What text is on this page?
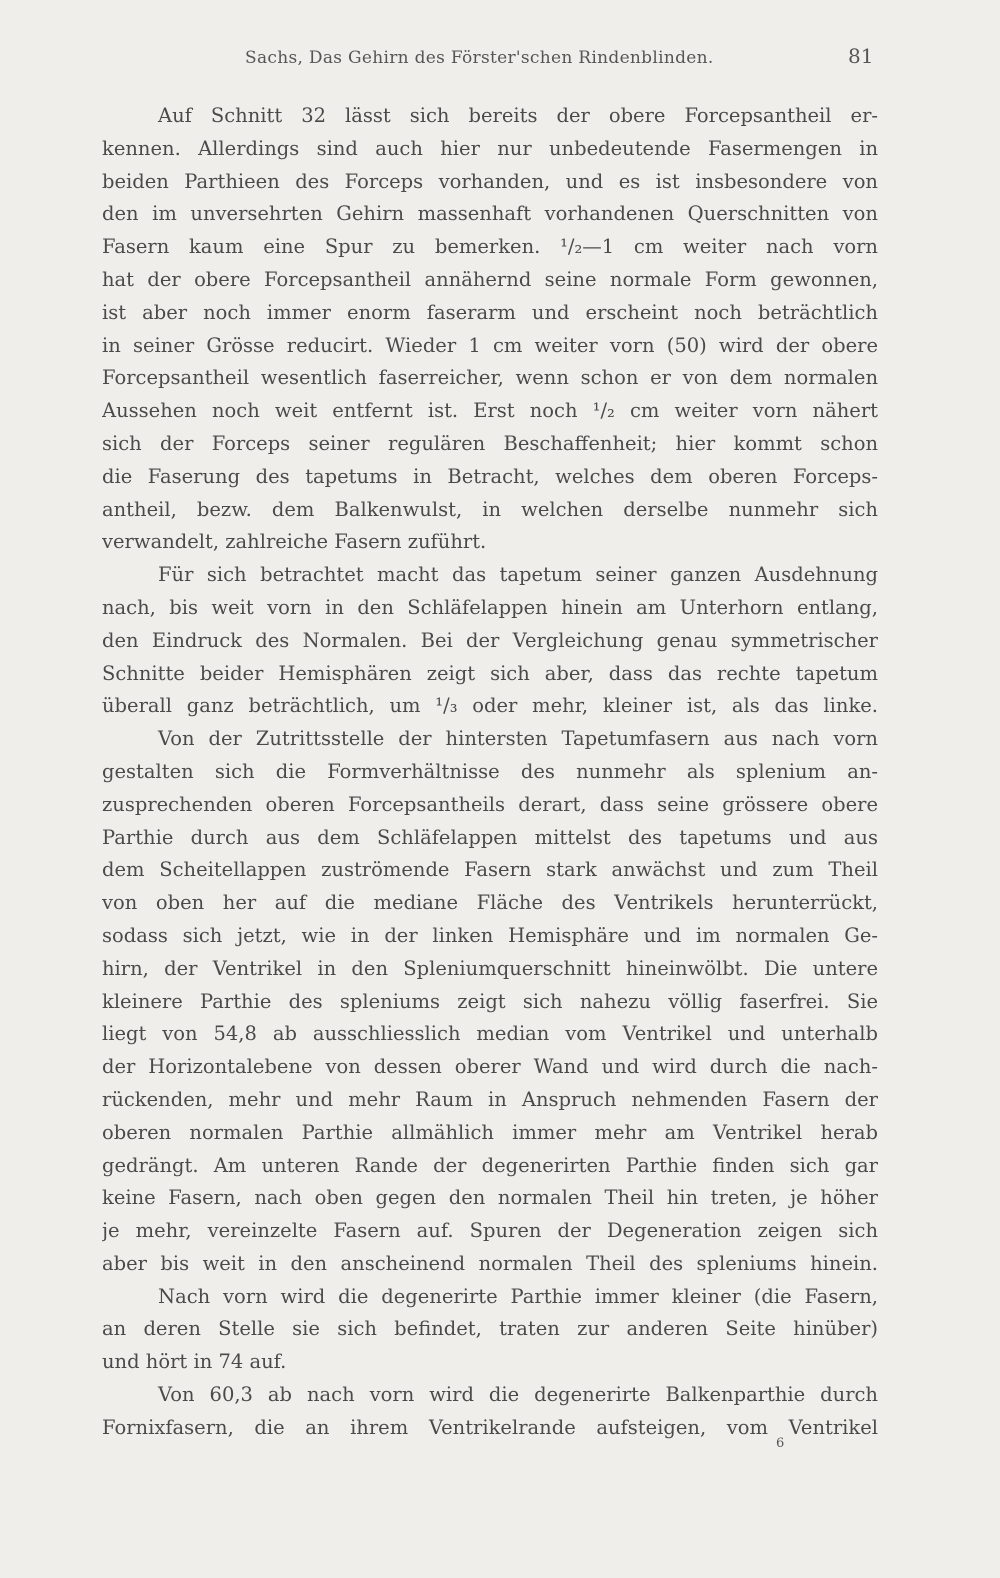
Sachs, Das Gehirn des Förster'schen Rindenblinden.	81
Auf Schnitt 32 lässt sich bereits der obere Forcepsantheil er-
kennen. Allerdings sind auch hier nur unbedeutende Fasermengen in
beiden Parthieen des Forceps vorhanden, und es ist insbesondere von
den im unversehrten Gehirn massenhaft vorhandenen Querschnitten von
Fasern kaum eine Spur zu bemerken. ¹/₂—1 cm weiter nach vorn
hat der obere Forcepsantheil annähernd seine normale Form gewonnen,
ist aber noch immer enorm faserarm und erscheint noch beträchtlich
in seiner Grösse reducirt. Wieder 1 cm weiter vorn (50) wird der obere
Forcepsantheil wesentlich faserreicher, wenn schon er von dem normalen
Aussehen noch weit entfernt ist. Erst noch ¹/₂ cm weiter vorn nähert
sich der Forceps seiner regulären Beschaffenheit; hier kommt schon
die Faserung des tapetums in Betracht, welches dem oberen Forceps-
antheil, bezw. dem Balkenwulst, in welchen derselbe nunmehr sich
verwandelt, zahlreiche Fasern zuführt.
Für sich betrachtet macht das tapetum seiner ganzen Ausdehnung
nach, bis weit vorn in den Schläfelappen hinein am Unterhorn entlang,
den Eindruck des Normalen. Bei der Vergleichung genau symmetrischer
Schnitte beider Hemisphären zeigt sich aber, dass das rechte tapetum
überall ganz beträchtlich, um ¹/₃ oder mehr, kleiner ist, als das linke.
Von der Zutrittsstelle der hintersten Tapetumfasern aus nach vorn
gestalten sich die Formverhältnisse des nunmehr als splenium an-
zusprechenden oberen Forcepsantheils derart, dass seine grössere obere
Parthie durch aus dem Schläfelappen mittelst des tapetums und aus
dem Scheitellappen zuströmende Fasern stark anwächst und zum Theil
von oben her auf die mediane Fläche des Ventrikels herunterrückt,
sodass sich jetzt, wie in der linken Hemisphäre und im normalen Ge-
hirn, der Ventrikel in den Spleniumquerschnitt hineinwölbt. Die untere
kleinere Parthie des spleniums zeigt sich nahezu völlig faserfrei. Sie
liegt von 54,8 ab ausschliesslich median vom Ventrikel und unterhalb
der Horizontalebene von dessen oberer Wand und wird durch die nach-
rückenden, mehr und mehr Raum in Anspruch nehmenden Fasern der
oberen normalen Parthie allmählich immer mehr am Ventrikel herab
gedrängt. Am unteren Rande der degenerirten Parthie finden sich gar
keine Fasern, nach oben gegen den normalen Theil hin treten, je höher
je mehr, vereinzelte Fasern auf. Spuren der Degeneration zeigen sich
aber bis weit in den anscheinend normalen Theil des spleniums hinein.
Nach vorn wird die degenerirte Parthie immer kleiner (die Fasern,
an deren Stelle sie sich befindet, traten zur anderen Seite hinüber)
und hört in 74 auf.
Von 60,3 ab nach vorn wird die degenerirte Balkenparthie durch
Fornixfasern, die an ihrem Ventrikelrande aufsteigen, vom Ventrikel
6
